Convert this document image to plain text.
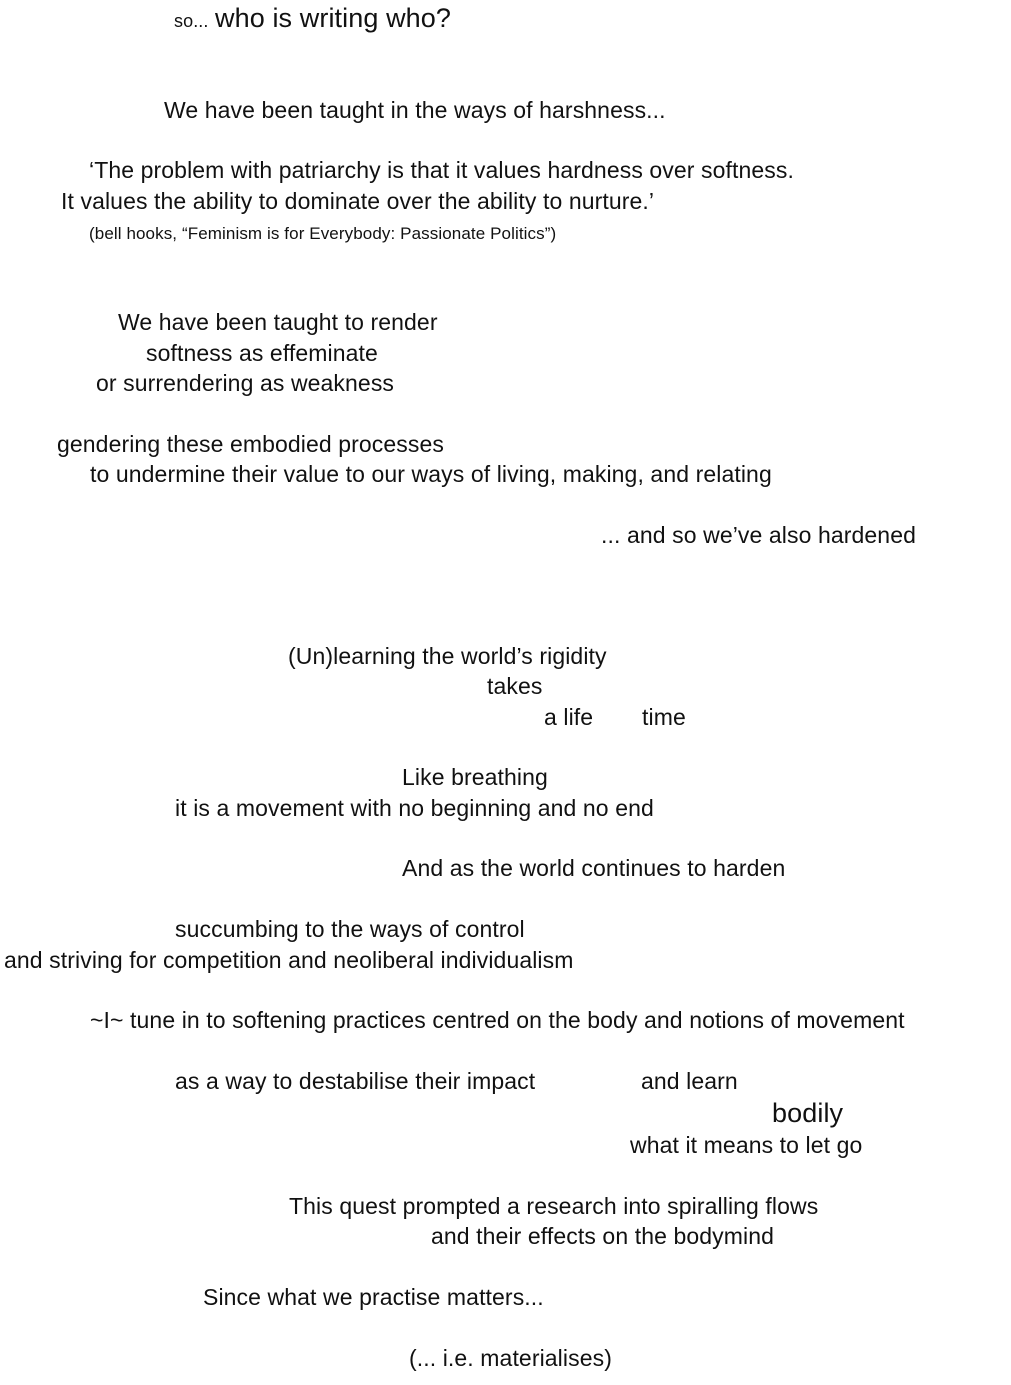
so... who is writing who?
We have been taught in the ways of harshness...
‘The problem with patriarchy is that it values hardness over softness.
It values the ability to dominate over the ability to nurture.’
(bell hooks, “Feminism is for Everybody: Passionate Politics”)
We have been taught to render
softness as effeminate
or surrendering as weakness
gendering these embodied processes
to undermine their value to our ways of living, making, and relating
... and so we’ve also hardened
(Un)learning the world’s rigidity
takes
a life time
Like breathing
it is a movement with no beginning and no end
And as the world continues to harden
succumbing to the ways of control
and striving for competition and neoliberal individualism
~I~ tune in to softening practices centred on the body and notions of movement
as a way to destabilise their impact	and learn
bodily
what it means to let go
This quest prompted a research into spiralling flows
and their effects on the bodymind
Since what we practise matters...
(... i.e. materialises)
